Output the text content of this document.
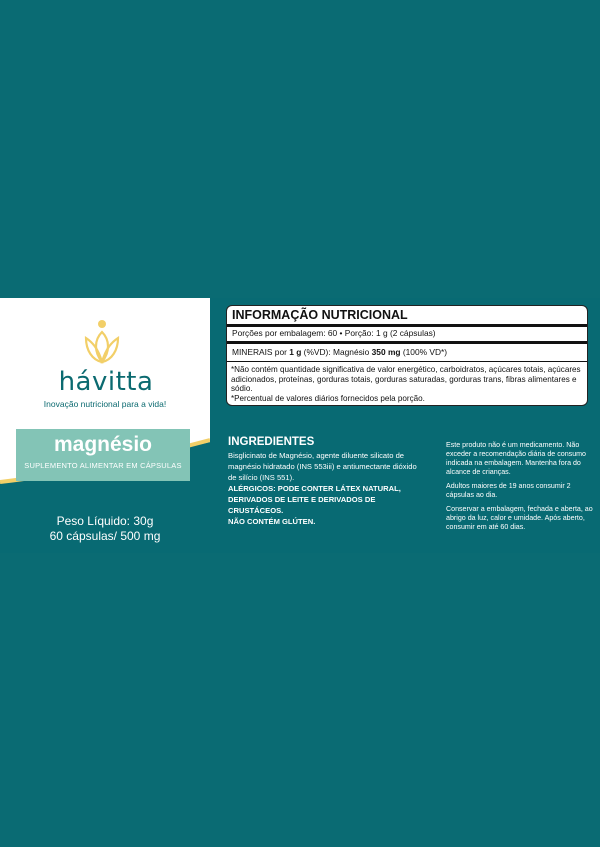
hávitta
Inovação nutricional para a vida!
magnésio
SUPLEMENTO ALIMENTAR EM CÁPSULAS
Peso Líquido: 30g
60 cápsulas/ 500 mg
INFORMAÇÃO NUTRICIONAL
Porções por embalagem: 60 • Porção: 1 g (2 cápsulas)
MINERAIS por 1 g (%VD): Magnésio 350 mg (100% VD*)
*Não contém quantidade significativa de valor energético, carboidratos, açúcares totais, açúcares adicionados, proteínas, gorduras totais, gorduras saturadas, gorduras trans, fibras alimentares e sódio.
*Percentual de valores diários fornecidos pela porção.
INGREDIENTES
Bisglicinato de Magnésio, agente diluente silicato de magnésio hidratado (INS 553iii) e antiumectante dióxido de silício (INS 551).
ALÉRGICOS: PODE CONTER LÁTEX NATURAL, DERIVADOS DE LEITE E DERIVADOS DE CRUSTÁCEOS.
NÃO CONTÉM GLÚTEN.

Este produto não é um medicamento. Não exceder a recomendação diária de consumo indicada na embalagem. Mantenha fora do alcance de crianças.

Adultos maiores de 19 anos consumir 2 cápsulas ao dia.

Conservar a embalagem, fechada e aberta, ao abrigo da luz, calor e umidade. Após aberto, consumir em até 60 dias.
